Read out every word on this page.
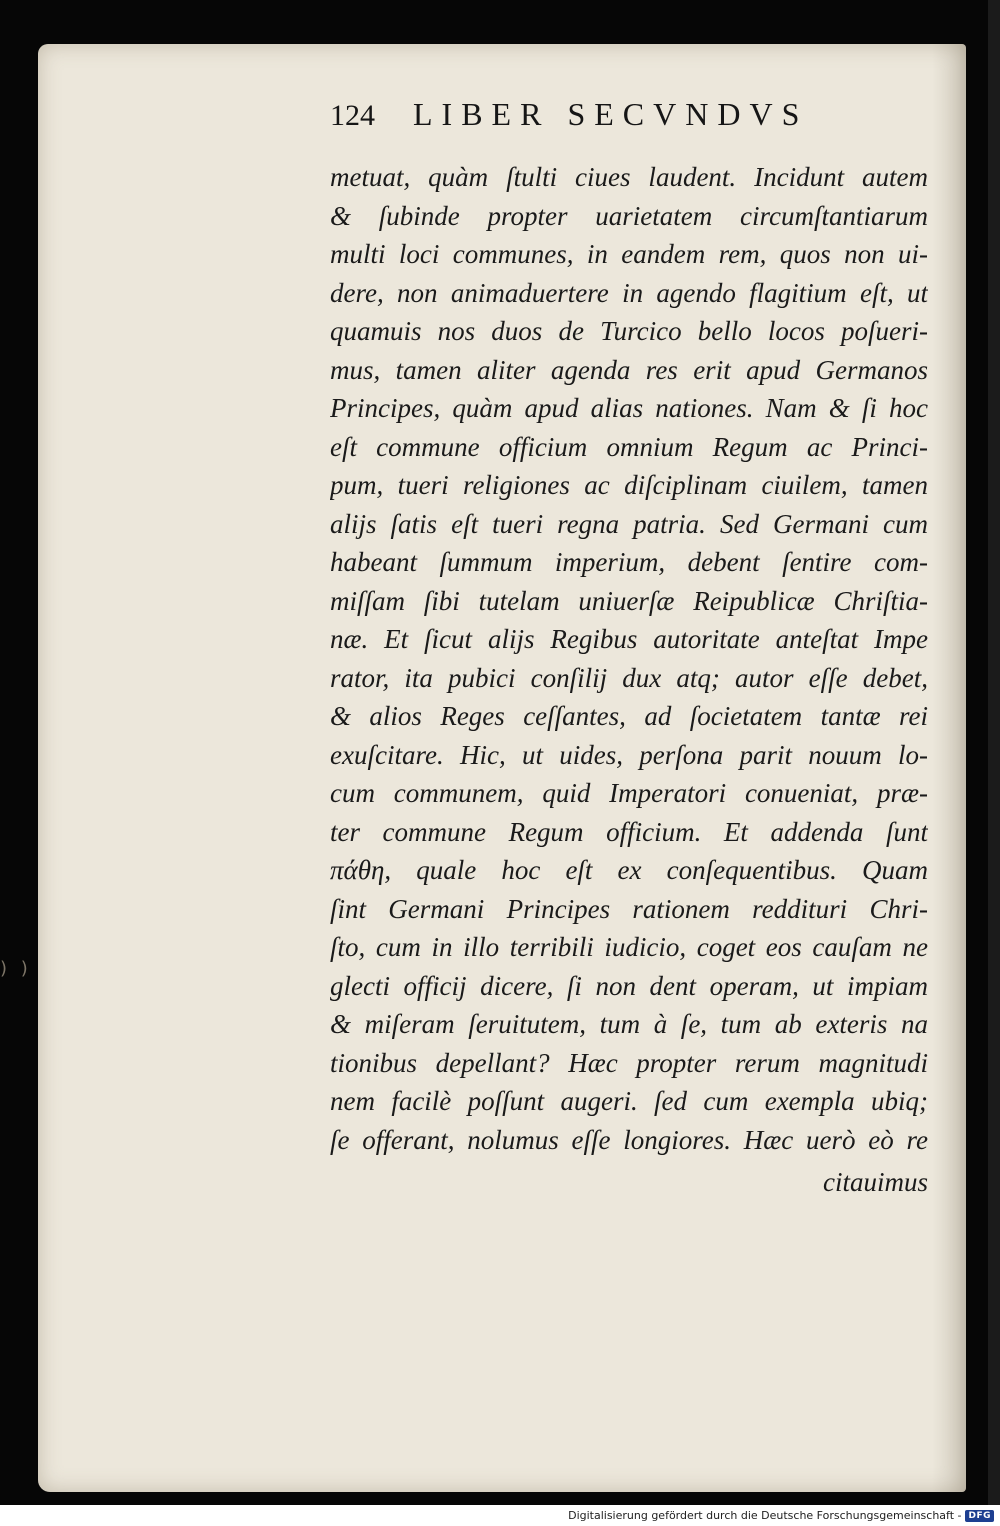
124 LIBER SECVNDVS
) )
metuat, quàm ſtulti ciues laudent. Incidunt autem
& ſubinde propter uarietatem circumſtantiarum
multi loci communes, in eandem rem, quos non ui-
dere, non animaduertere in agendo flagitium eſt, ut
quamuis nos duos de Turcico bello locos poſueri-
mus, tamen aliter agenda res erit apud Germanos
Principes, quàm apud alias nationes. Nam & ſi hoc
eſt commune officium omnium Regum ac Princi-
pum, tueri religiones ac diſciplinam ciuilem, tamen
alijs ſatis eſt tueri regna patria. Sed Germani cum
habeant ſummum imperium, debent ſentire com-
miſſam ſibi tutelam uniuerſæ Reipublicæ Chriſtia-
næ. Et ſicut alijs Regibus autoritate anteſtat Impe
rator, ita pubici conſilij dux atq; autor eſſe debet,
& alios Reges ceſſantes, ad ſocietatem tantæ rei
exuſcitare. Hic, ut uides, perſona parit nouum lo-
cum communem, quid Imperatori conueniat, præ-
ter commune Regum officium. Et addenda ſunt
πάθη, quale hoc eſt ex conſequentibus. Quam
ſint Germani Principes rationem reddituri Chri-
ſto, cum in illo terribili iudicio, coget eos cauſam ne
glecti officij dicere, ſi non dent operam, ut impiam
& miſeram ſeruitutem, tum à ſe, tum ab exteris na
tionibus depellant? Hæc propter rerum magnitudi
nem facilè poſſunt augeri. ſed cum exempla ubiq;
ſe offerant, nolumus eſſe longiores. Hæc uerò eò re
citauimus
Digitalisierung gefördert durch die Deutsche Forschungsgemeinschaft - DFG
